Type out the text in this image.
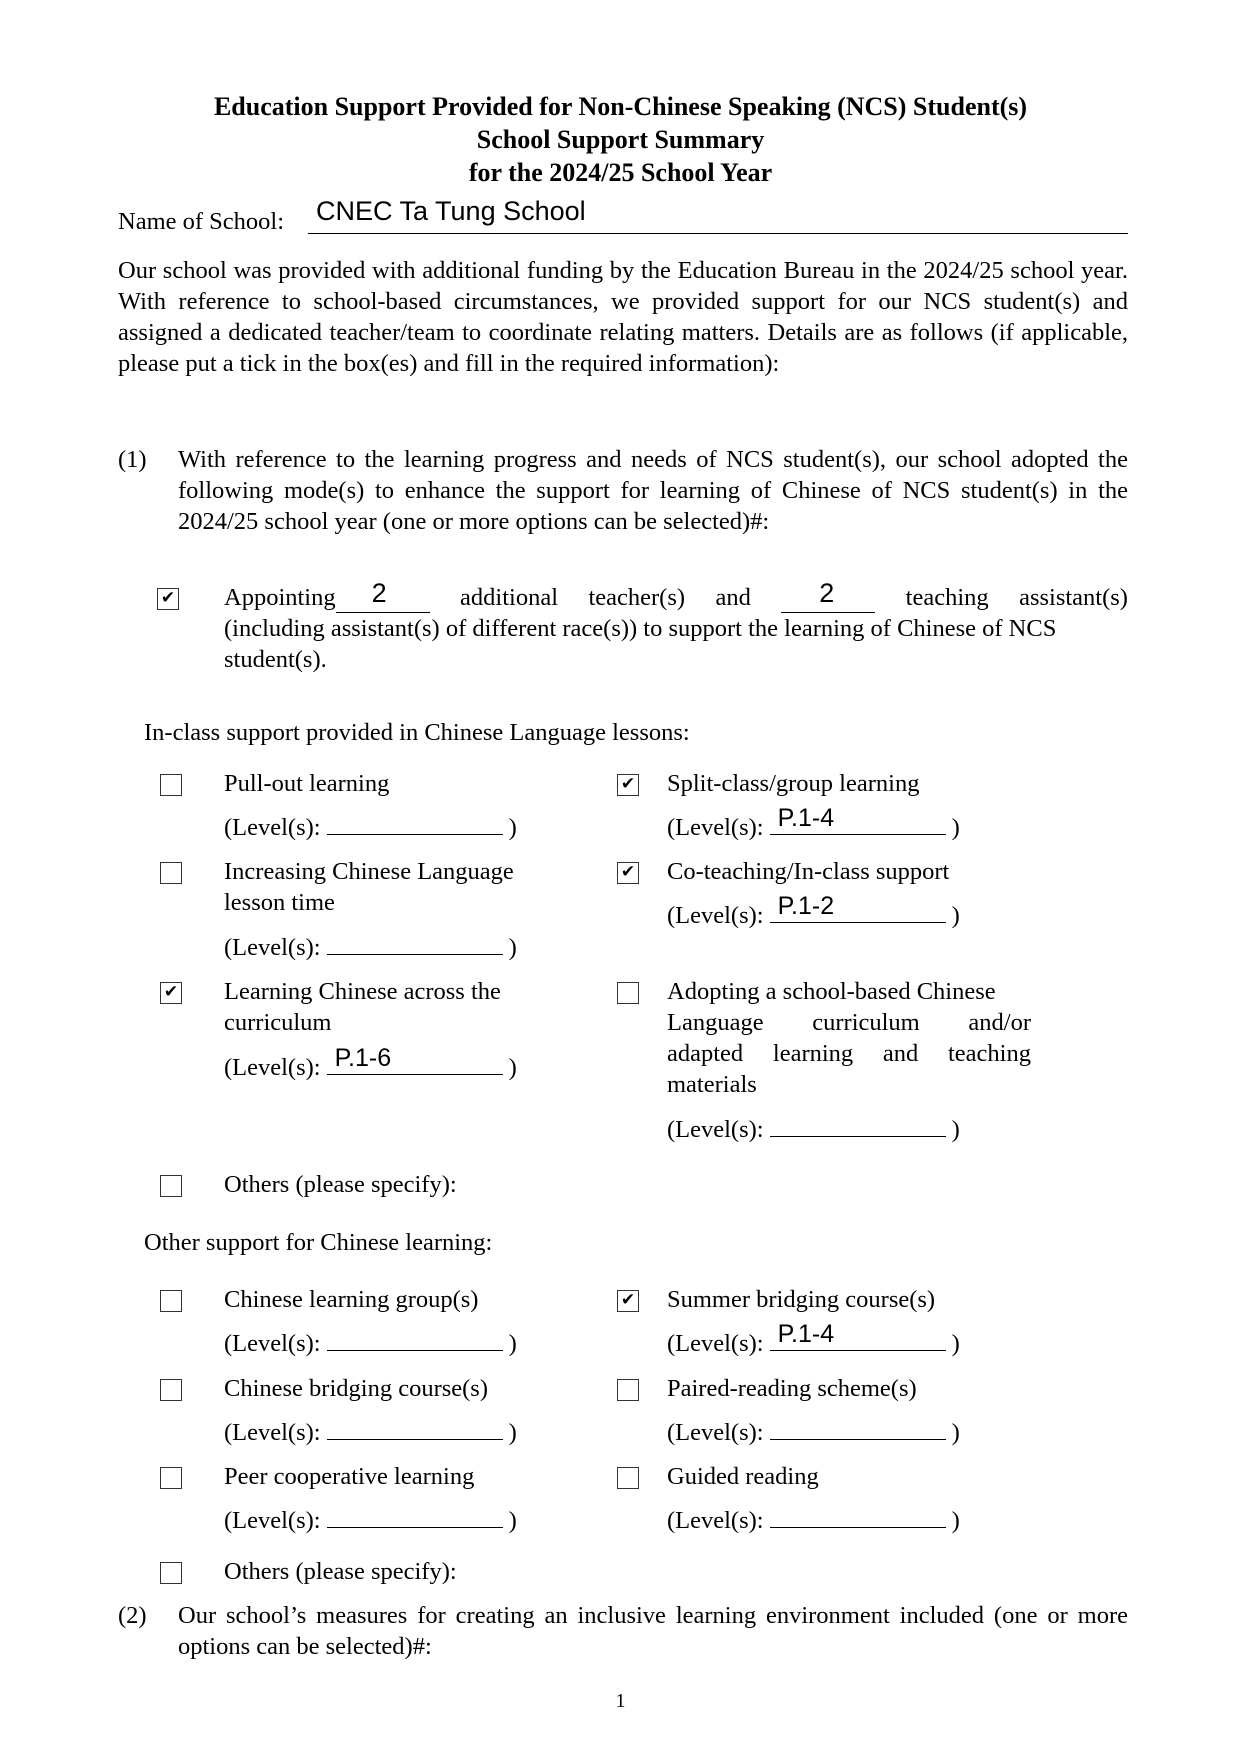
Education Support Provided for Non-Chinese Speaking (NCS) Student(s)
School Support Summary
for the 2024/25 School Year
Name of School: CNEC Ta Tung School
Our school was provided with additional funding by the Education Bureau in the 2024/25 school year. With reference to school-based circumstances, we provided support for our NCS student(s) and assigned a dedicated teacher/team to coordinate relating matters. Details are as follows (if applicable, please put a tick in the box(es) and fill in the required information):
(1) With reference to the learning progress and needs of NCS student(s), our school adopted the following mode(s) to enhance the support for learning of Chinese of NCS student(s) in the 2024/25 school year (one or more options can be selected)#:
✔ Appointing 2	additional teacher(s) and	2	teaching assistant(s)
(including assistant(s) of different race(s)) to support the learning of Chinese of NCS
student(s).
In-class support provided in Chinese Language lessons:
Pull-out learning
(Level(s):	)
✔ Split-class/group learning
(Level(s): P.1-4	)
Increasing Chinese Language
lesson time
(Level(s):	)
✔ Co-teaching/In-class support
(Level(s): P.1-2	)
✔ Learning Chinese across the
curriculum
(Level(s): P.1-6	)
Adopting a school-based Chinese
Language curriculum and/or
adapted learning and teaching
materials
(Level(s):	)
Others (please specify):
Other support for Chinese learning:
Chinese learning group(s)
(Level(s):	)
✔ Summer bridging course(s)
(Level(s): P.1-4	)
Chinese bridging course(s)
(Level(s):	)
Paired-reading scheme(s)
(Level(s):	)
Peer cooperative learning
(Level(s):	)
Guided reading
(Level(s):	)
Others (please specify):
(2) Our school’s measures for creating an inclusive learning environment included (one or more options can be selected)#:
1
